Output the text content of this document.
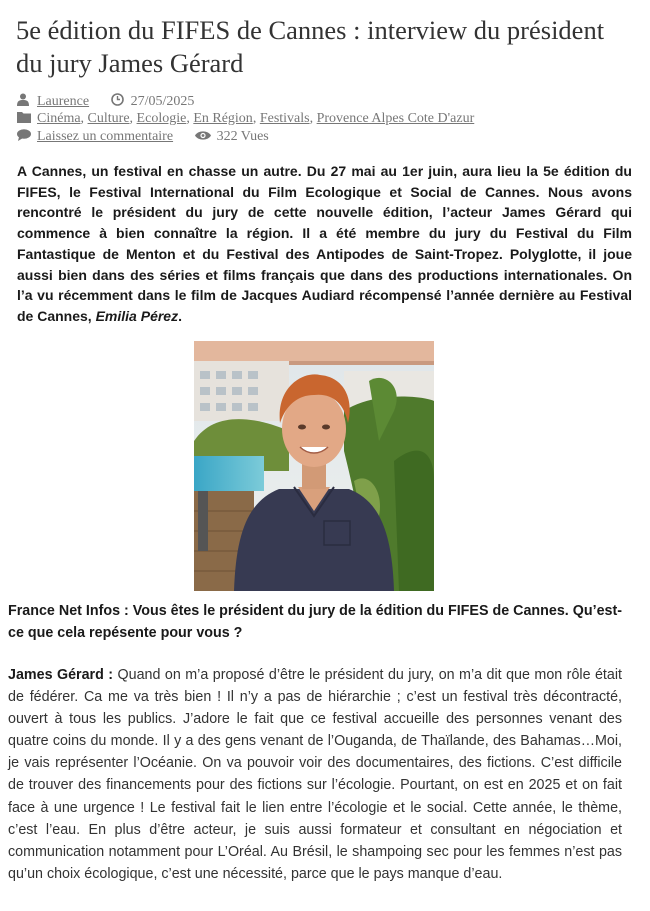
5e édition du FIFES de Cannes : interview du président du jury James Gérard
Laurence	27/05/2025
Cinéma, Culture, Ecologie, En Région, Festivals, Provence Alpes Cote D'azur
Laissez un commentaire	322 Vues

A Cannes, un festival en chasse un autre. Du 27 mai au 1er juin, aura lieu la 5e édition du FIFES, le Festival International du Film Ecologique et Social de Cannes. Nous avons rencontré le président du jury de cette nouvelle édition, l’acteur James Gérard qui commence à bien connaître la région. Il a été membre du jury du Festival du Film Fantastique de Menton et du Festival des Antipodes de Saint-Tropez. Polyglotte, il joue aussi bien dans des séries et films français que dans des productions internationales. On l’a vu récemment dans le film de Jacques Audiard récompensé l’année dernière au Festival de Cannes, Emilia Pérez.

France Net Infos : Vous êtes le président du jury de la édition du FIFES de Cannes. Qu’est-ce que cela repésente pour vous ?

James Gérard : Quand on m’a proposé d’être le président du jury, on m’a dit que mon rôle était de fédérer. Ca me va très bien ! Il n’y a pas de hiérarchie ; c’est un festival très décontracté, ouvert à tous les publics. J’adore le fait que ce festival accueille des personnes venant des quatre coins du monde. Il y a des gens venant de l’Ouganda, de Thaïlande, des Bahamas…Moi, je vais représenter l’Océanie. On va pouvoir voir des documentaires, des fictions. C’est difficile de trouver des financements pour des fictions sur l’écologie. Pourtant, on est en 2025 et on fait face à une urgence ! Le festival fait le lien entre l’écologie et le social. Cette année, le thème, c’est l’eau. En plus d’être acteur, je suis aussi formateur et consultant en négociation et communication notamment pour L’Oréal. Au Brésil, le shampoing sec pour les femmes n’est pas qu’un choix écologique, c’est une nécessité, parce que le pays manque d’eau.
